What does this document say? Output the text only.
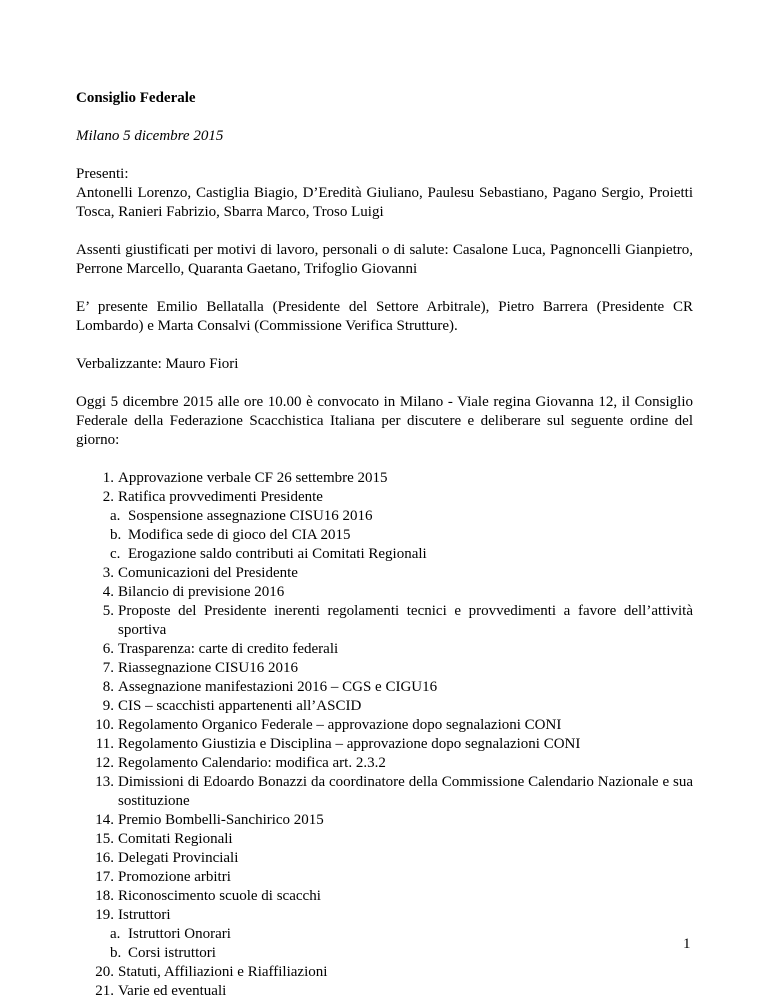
Consiglio Federale

Milano 5 dicembre 2015

Presenti:

Antonelli Lorenzo, Castiglia Biagio, D’Eredità Giuliano, Paulesu Sebastiano, Pagano Sergio, Proietti Tosca, Ranieri Fabrizio, Sbarra Marco, Troso Luigi

Assenti giustificati per motivi di lavoro, personali o di salute: Casalone Luca, Pagnoncelli Gianpietro, Perrone Marcello, Quaranta Gaetano, Trifoglio Giovanni

E’ presente Emilio Bellatalla (Presidente del Settore Arbitrale), Pietro Barrera (Presidente CR Lombardo) e Marta Consalvi (Commissione Verifica Strutture).

Verbalizzante: Mauro Fiori

Oggi 5 dicembre 2015 alle ore 10.00 è convocato in Milano - Viale regina Giovanna 12, il Consiglio Federale della Federazione Scacchistica Italiana per discutere e deliberare sul seguente ordine del giorno:

1. Approvazione verbale CF 26 settembre 2015
2. Ratifica provvedimenti Presidente
a. Sospensione assegnazione CISU16 2016
b. Modifica sede di gioco del CIA 2015
c. Erogazione saldo contributi ai Comitati Regionali
3. Comunicazioni del Presidente
4. Bilancio di previsione 2016
5. Proposte del Presidente inerenti regolamenti tecnici e provvedimenti a favore dell’attività sportiva
6. Trasparenza: carte di credito federali
7. Riassegnazione CISU16 2016
8. Assegnazione manifestazioni 2016 – CGS e CIGU16
9. CIS – scacchisti appartenenti all’ASCID
10. Regolamento Organico Federale – approvazione dopo segnalazioni CONI
11. Regolamento Giustizia e Disciplina – approvazione dopo segnalazioni CONI
12. Regolamento Calendario: modifica art. 2.3.2
13. Dimissioni di Edoardo Bonazzi da coordinatore della Commissione Calendario Nazionale e sua sostituzione
14. Premio Bombelli-Sanchirico 2015
15. Comitati Regionali
16. Delegati Provinciali
17. Promozione arbitri
18. Riconoscimento scuole di scacchi
19. Istruttori
a. Istruttori Onorari
b. Corsi istruttori
20. Statuti, Affiliazioni e Riaffiliazioni
21. Varie ed eventuali
1
